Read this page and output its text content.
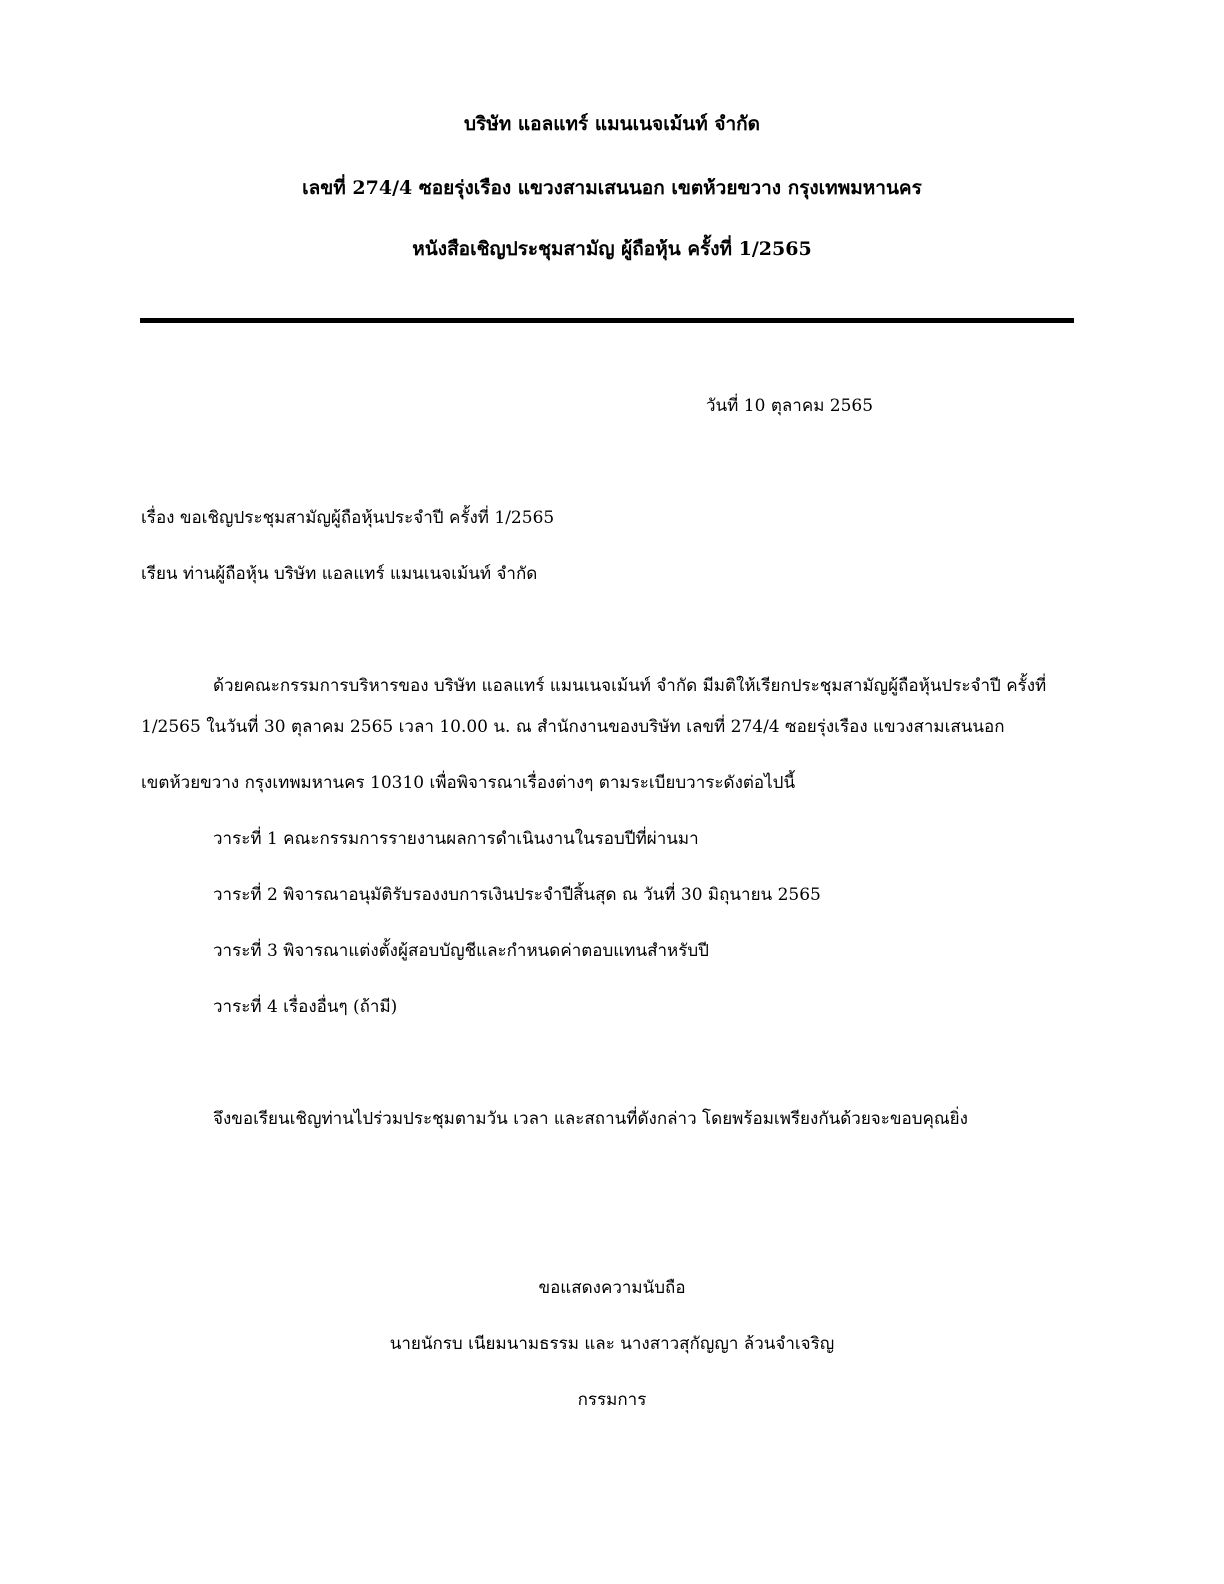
บริษัท แอลแทร์ แมนเนจเม้นท์ จำกัด
เลขที่ 274/4 ซอยรุ่งเรือง แขวงสามเสนนอก เขตห้วยขวาง กรุงเทพมหานคร
หนังสือเชิญประชุมสามัญ ผู้ถือหุ้น ครั้งที่ 1/2565
วันที่ 10 ตุลาคม 2565
เรื่อง ขอเชิญประชุมสามัญผู้ถือหุ้นประจำปี ครั้งที่ 1/2565
เรียน ท่านผู้ถือหุ้น บริษัท แอลแทร์ แมนเนจเม้นท์ จำกัด
ด้วยคณะกรรมการบริหารของ บริษัท แอลแทร์ แมนเนจเม้นท์ จำกัด มีมติให้เรียกประชุมสามัญผู้ถือหุ้นประจำปี ครั้งที่
1/2565 ในวันที่ 30 ตุลาคม 2565 เวลา 10.00 น. ณ สำนักงานของบริษัท เลขที่ 274/4 ซอยรุ่งเรือง แขวงสามเสนนอก
เขตห้วยขวาง กรุงเทพมหานคร 10310 เพื่อพิจารณาเรื่องต่างๆ ตามระเบียบวาระดังต่อไปนี้
วาระที่ 1 คณะกรรมการรายงานผลการดำเนินงานในรอบปีที่ผ่านมา
วาระที่ 2 พิจารณาอนุมัติรับรองงบการเงินประจำปีสิ้นสุด ณ วันที่ 30 มิถุนายน 2565
วาระที่ 3 พิจารณาแต่งตั้งผู้สอบบัญชีและกำหนดค่าตอบแทนสำหรับปี
วาระที่ 4 เรื่องอื่นๆ (ถ้ามี)
จึงขอเรียนเชิญท่านไปร่วมประชุมตามวัน เวลา และสถานที่ดังกล่าว โดยพร้อมเพรียงกันด้วยจะขอบคุณยิ่ง
ขอแสดงความนับถือ
นายนักรบ เนียมนามธรรม และ นางสาวสุกัญญา ล้วนจำเจริญ
กรรมการ
